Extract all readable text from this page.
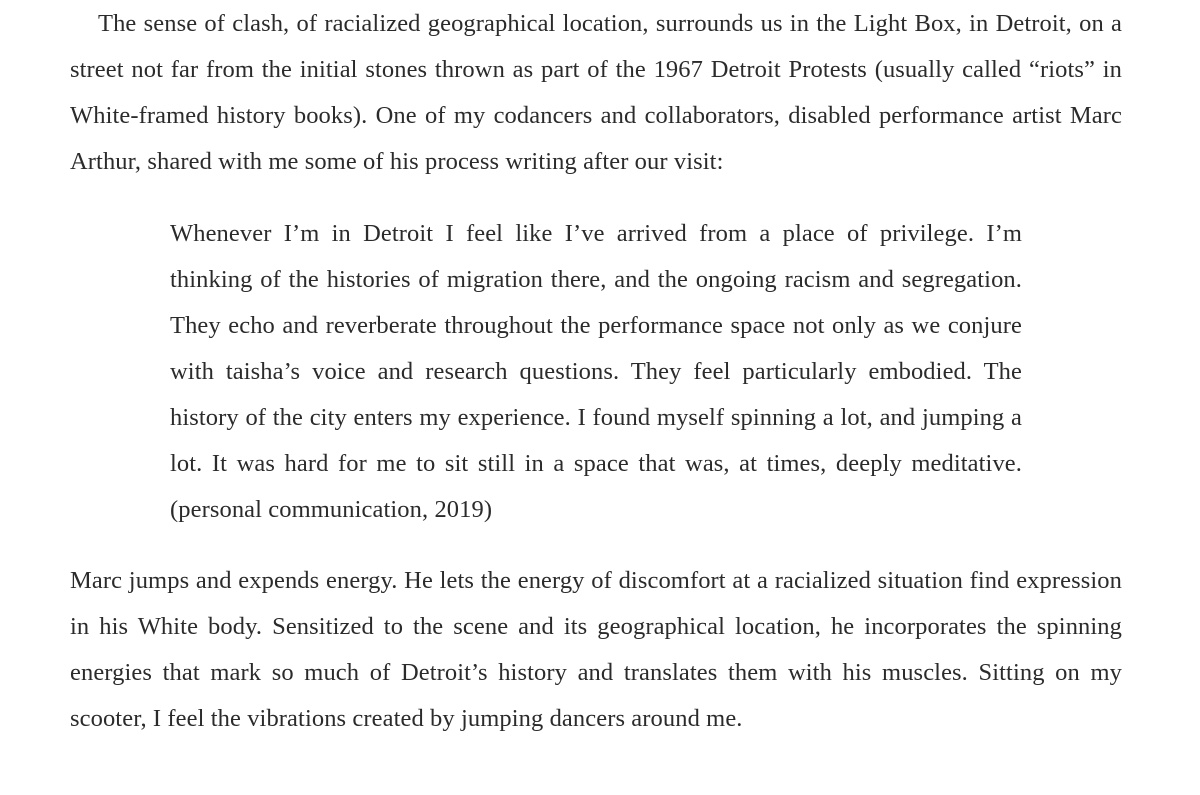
The sense of clash, of racialized geographical location, surrounds us in the Light Box, in Detroit, on a street not far from the initial stones thrown as part of the 1967 Detroit Protests (usually called “riots” in White-framed history books). One of my codancers and collaborators, disabled performance artist Marc Arthur, shared with me some of his process writing after our visit:

Whenever I’m in Detroit I feel like I’ve arrived from a place of privilege. I’m thinking of the histories of migration there, and the ongoing racism and segregation. They echo and reverberate throughout the performance space not only as we conjure with taisha’s voice and research questions. They feel particularly embodied. The history of the city enters my experience. I found myself spinning a lot, and jumping a lot. It was hard for me to sit still in a space that was, at times, deeply meditative. (personal communication, 2019)

Marc jumps and expends energy. He lets the energy of discomfort at a racialized situation find expression in his White body. Sensitized to the scene and its geographical location, he incorporates the spinning energies that mark so much of Detroit’s history and translates them with his muscles. Sitting on my scooter, I feel the vibrations created by jumping dancers around me.
